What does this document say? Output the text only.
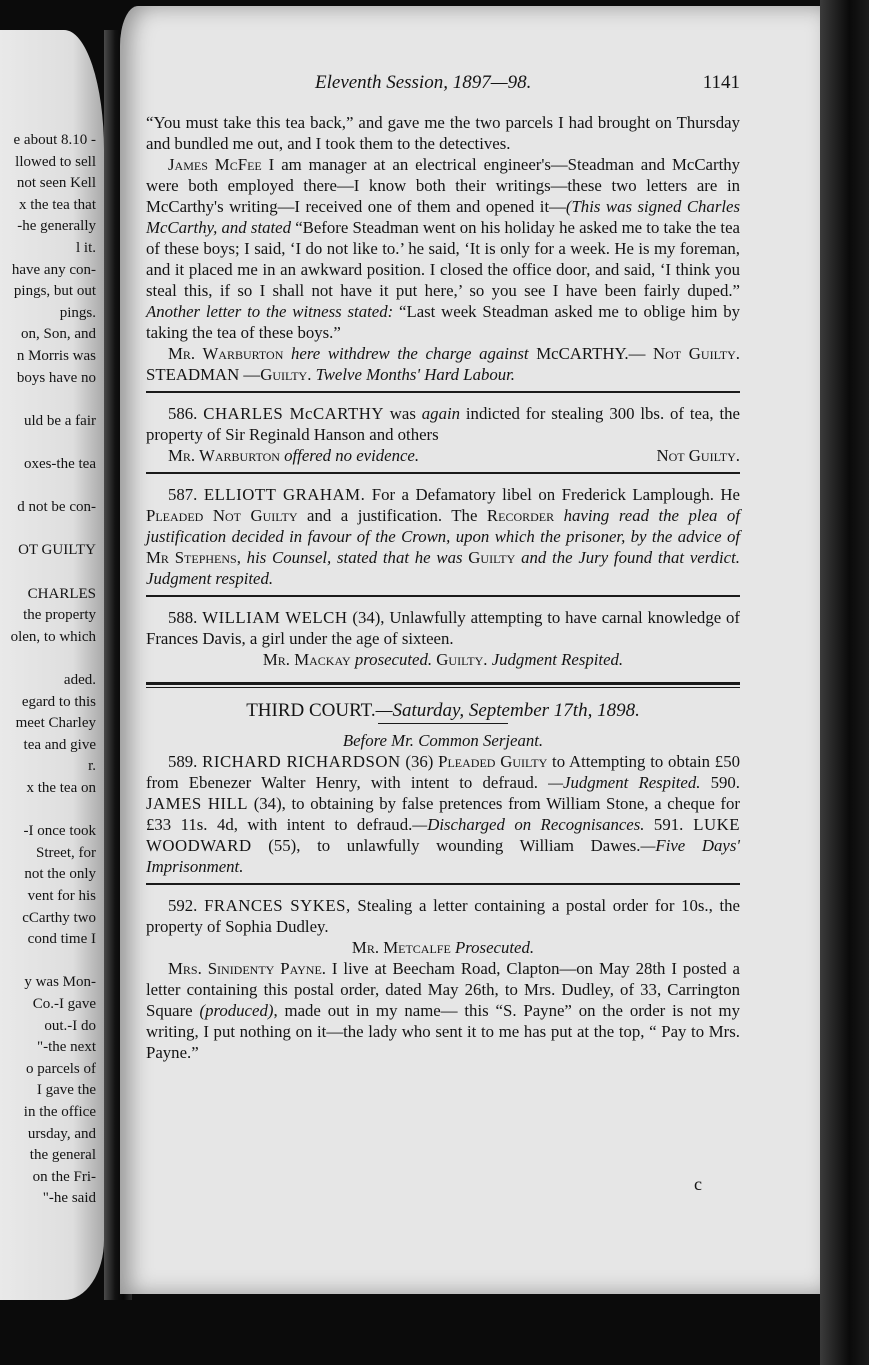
e about 8.10 -
llowed to sell
not seen Kell
x the tea that
-he generally
l it.
have any con-
pings, but out
pings.
on, Son, and
n Morris was
boys have no
uld be a fair
oxes-the tea
d not be con-
OT GUILTY
CHARLES
the property
olen, to which
aded.
egard to this
meet Charley
tea and give
r.
x the tea on
-I once took
Street, for
not the only
vent for his
cCarthy two
cond time I
y was Mon-
Co.-I gave
out.-I do
"-the next
o parcels of
I gave the
in the office
ursday, and
the general
on the Fri-
"-he said
Eleventh Session, 1897—98.	1141

“You must take this tea back,” and gave me the two parcels I had brought on Thursday and bundled me out, and I took them to the detectives.

James McFee I am manager at an electrical engineer's—Steadman and McCarthy were both employed there—I know both their writings—these two letters are in McCarthy's writing—I received one of them and opened it—(This was signed Charles McCarthy, and stated “Before Steadman went on his holiday he asked me to take the tea of these boys; I said, ‘I do not like to.’ he said, ‘It is only for a week. He is my foreman, and it placed me in an awkward position. I closed the office door, and said, ‘I think you steal this, if so I shall not have it put here,’ so you see I have been fairly duped.” Another letter to the witness stated: “Last week Steadman asked me to oblige him by taking the tea of these boys.”

Mr. Warburton here withdrew the charge against McCARTHY.— Not Guilty. STEADMAN —Guilty. Twelve Months' Hard Labour.

586. CHARLES McCARTHY was again indicted for stealing 300 lbs. of tea, the property of Sir Reginald Hanson and others

Mr. Warburton offered no evidence.	Not Guilty.

587. ELLIOTT GRAHAM. For a Defamatory libel on Frederick Lamplough. He Pleaded Not Guilty and a justification. The Recorder having read the plea of justification decided in favour of the Crown, upon which the prisoner, by the advice of Mr Stephens, his Counsel, stated that he was Guilty and the Jury found that verdict. Judgment respited.

588. WILLIAM WELCH (34), Unlawfully attempting to have carnal knowledge of Frances Davis, a girl under the age of sixteen.

Mr. Mackay prosecuted. Guilty. Judgment Respited.

THIRD COURT.—Saturday, September 17th, 1898.

Before Mr. Common Serjeant.

589. RICHARD RICHARDSON (36) Pleaded Guilty to Attempting to obtain £50 from Ebenezer Walter Henry, with intent to defraud. —Judgment Respited. 590. JAMES HILL (34), to obtaining by false pretences from William Stone, a cheque for £33 11s. 4d, with intent to defraud.—Discharged on Recognisances. 591. LUKE WOODWARD (55), to unlawfully wounding William Dawes.—Five Days' Imprisonment.

592. FRANCES SYKES, Stealing a letter containing a postal order for 10s., the property of Sophia Dudley.

Mr. Metcalfe Prosecuted.

Mrs. Sinidenty Payne. I live at Beecham Road, Clapton—on May 28th I posted a letter containing this postal order, dated May 26th, to Mrs. Dudley, of 33, Carrington Square (produced), made out in my name— this “S. Payne” on the order is not my writing, I put nothing on it—the lady who sent it to me has put at the top, “ Pay to Mrs. Payne.”

c
